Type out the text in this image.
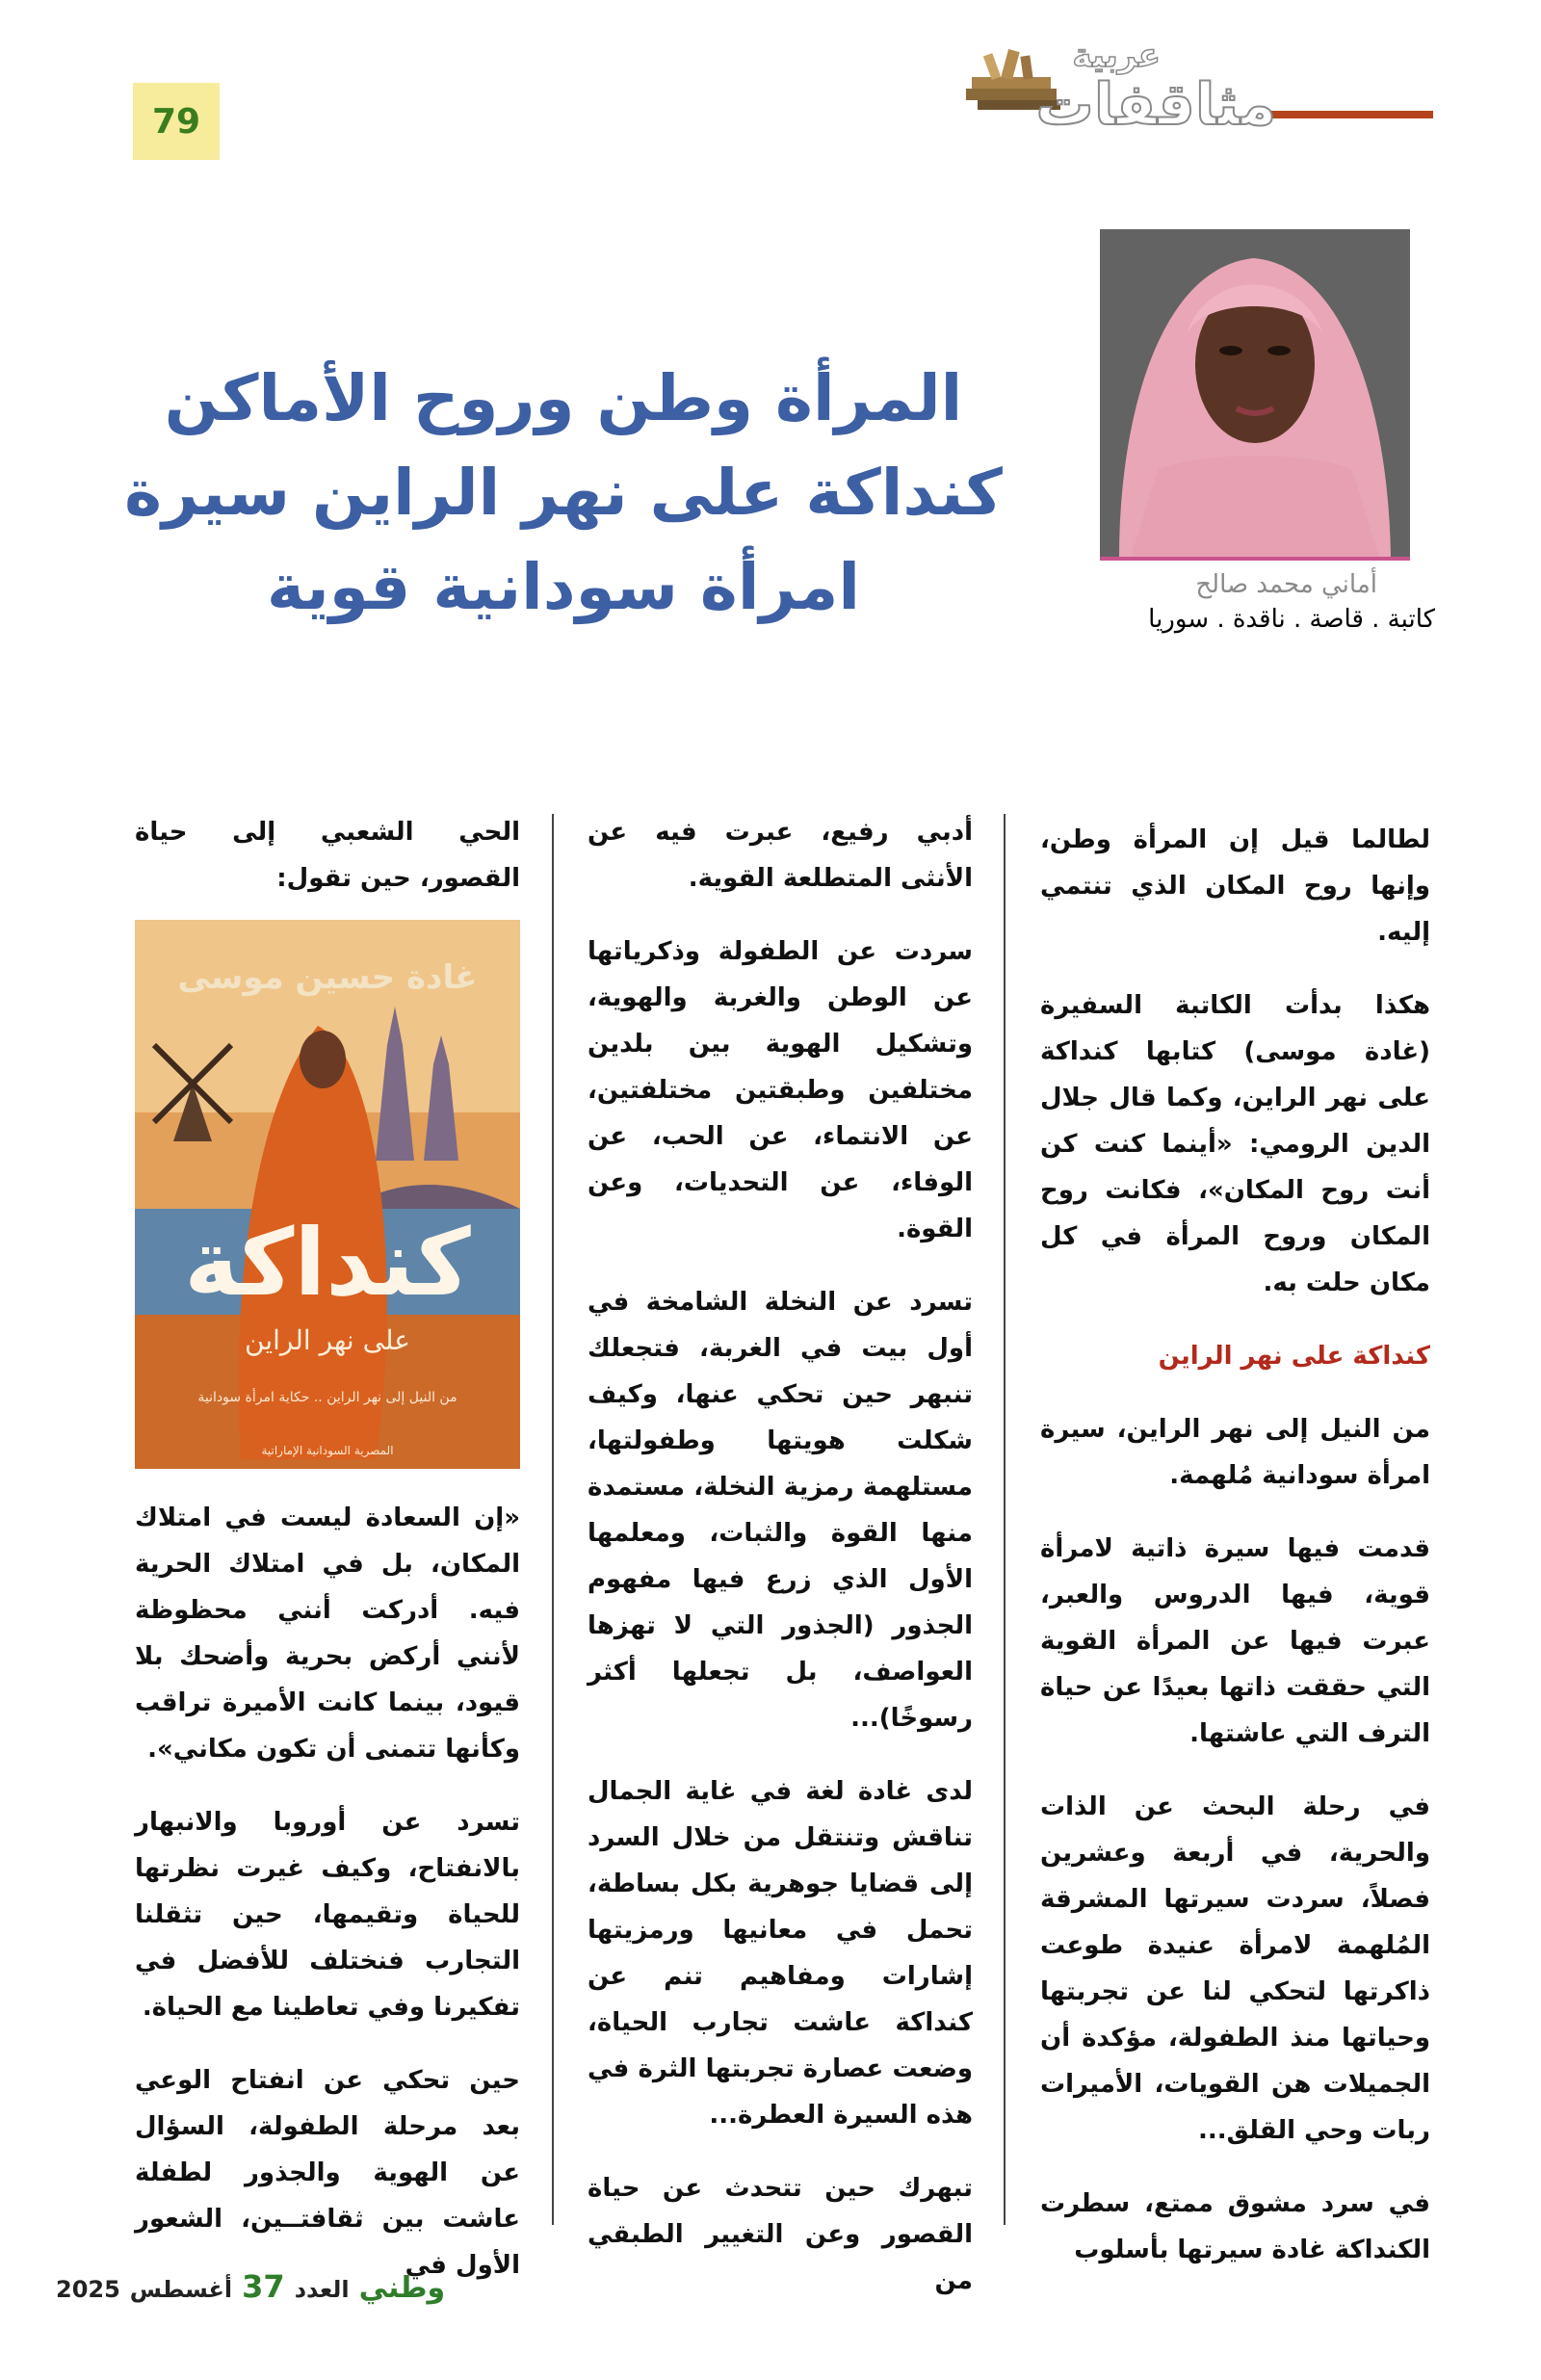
79
عربية
مثاقفات
أماني محمد صالح
كاتبة . قاصة . ناقدة . سوريا
المرأة وطن وروح الأماكن
كنداكة على نهر الراين سيرة
امرأة سودانية قوية

لطالما قيل إن المرأة وطن، وإنها روح المكان الذي تنتمي إليه.

هكذا بدأت الكاتبة السفيرة (غادة موسى) كتابها كنداكة على نهر الراين، وكما قال جلال الدين الرومي: «أينما كنت كن أنت روح المكان»، فكانت روح المكان وروح المرأة في كل مكان حلت به.

كنداكة على نهر الراين

من النيل إلى نهر الراين، سيرة امرأة سودانية مُلهمة.

قدمت فيها سيرة ذاتية لامرأة قوية، فيها الدروس والعبر، عبرت فيها عن المرأة القوية التي حققت ذاتها بعيدًا عن حياة الترف التي عاشتها.

في رحلة البحث عن الذات والحرية، في أربعة وعشرين فصلاً، سردت سيرتها المشرقة المُلهمة لامرأة عنيدة طوعت ذاكرتها لتحكي لنا عن تجربتها وحياتها منذ الطفولة، مؤكدة أن الجميلات هن القويات، الأميرات ربات وحي القلق...

في سرد مشوق ممتع، سطرت الكنداكة غادة سيرتها بأسلوب

أدبي رفيع، عبرت فيه عن الأنثى المتطلعة القوية.

سردت عن الطفولة وذكرياتها عن الوطن والغربة والهوية، وتشكيل الهوية بين بلدين مختلفين وطبقتين مختلفتين، عن الانتماء، عن الحب، عن الوفاء، عن التحديات، وعن القوة.

تسرد عن النخلة الشامخة في أول بيت في الغربة، فتجعلك تنبهر حين تحكي عنها، وكيف شكلت هويتها وطفولتها، مستلهمة رمزية النخلة، مستمدة منها القوة والثبات، ومعلمها الأول الذي زرع فيها مفهوم الجذور (الجذور التي لا تهزها العواصف، بل تجعلها أكثر رسوخًا)...

لدى غادة لغة في غاية الجمال تناقش وتنتقل من خلال السرد إلى قضايا جوهرية بكل بساطة، تحمل في معانيها ورمزيتها إشارات ومفاهيم تنم عن كنداكة عاشت تجارب الحياة، وضعت عصارة تجربتها الثرة في هذه السيرة العطرة...

تبهرك حين تتحدث عن حياة القصور وعن التغيير الطبقي من

الحي الشعبي إلى حياة القصور، حين تقول:

غادة حسين موسى
كنداكة
على نهر الراين
من النيل إلى نهر الراين .. حكاية امرأة سودانية
المصرية السودانية الإماراتية

«إن السعادة ليست في امتلاك المكان، بل في امتلاك الحرية فيه. أدركت أنني محظوظة لأنني أركض بحرية وأضحك بلا قيود، بينما كانت الأميرة تراقب وكأنها تتمنى أن تكون مكاني».

تسرد عن أوروبا والانبهار بالانفتاح، وكيف غيرت نظرتها للحياة وتقيمها، حين تثقلنا التجارب فنختلف للأفضل في تفكيرنا وفي تعاطينا مع الحياة.

حين تحكي عن انفتاح الوعي بعد مرحلة الطفولة، السؤال عن الهوية والجذور لطفلة عاشت بين ثقافتــين، الشعور الأول في

وطني
العدد
37
أغسطس
2025
